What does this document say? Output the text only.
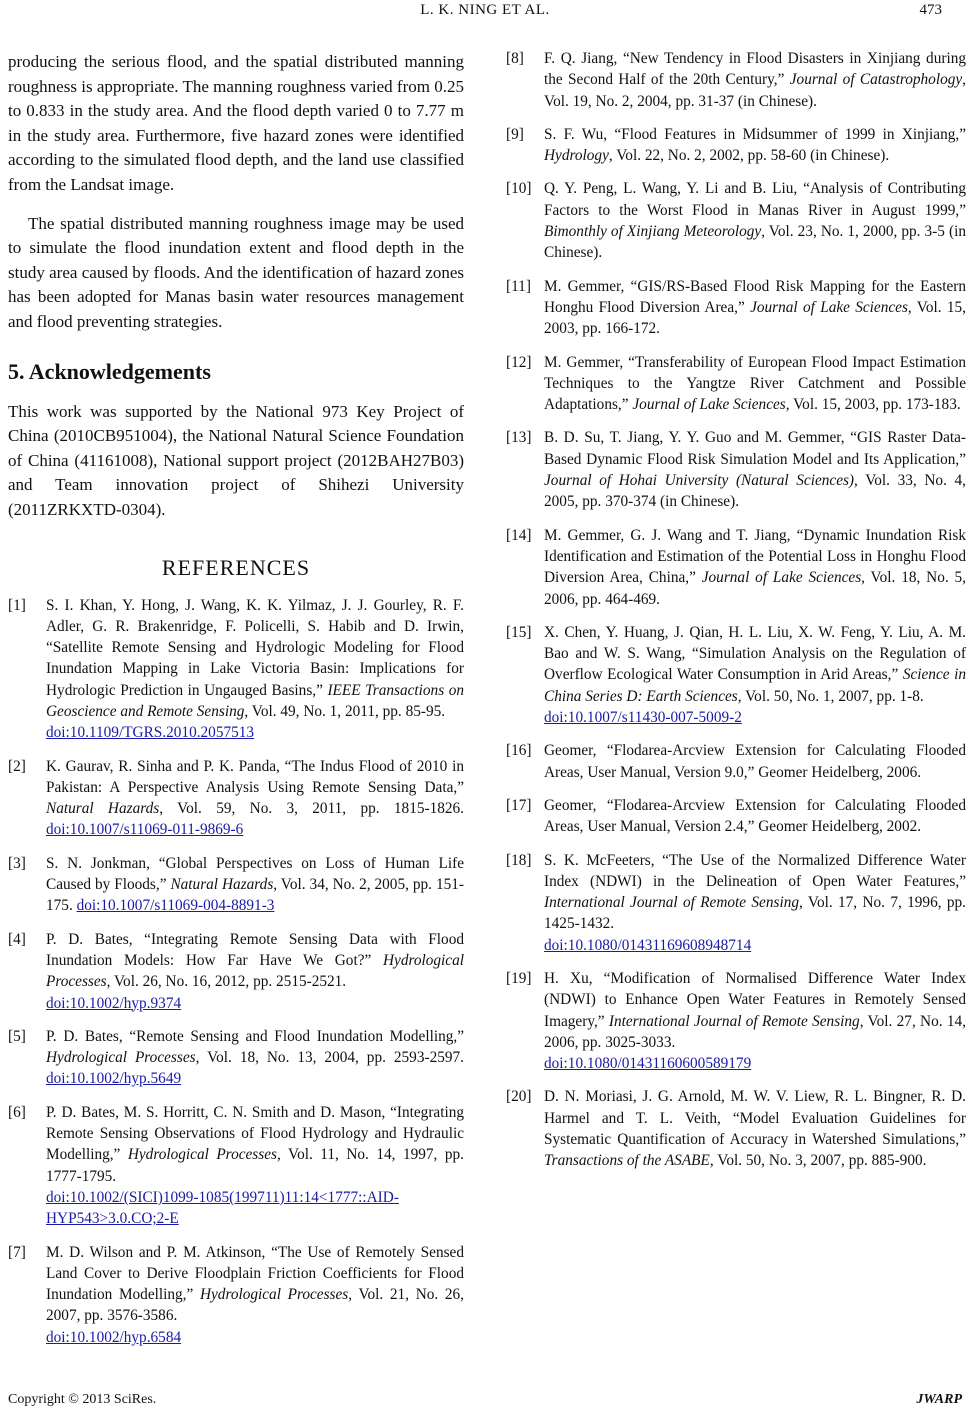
L. K. NING ET AL.	473

producing the serious flood, and the spatial distributed manning roughness is appropriate. The manning roughness varied from 0.25 to 0.833 in the study area. And the flood depth varied 0 to 7.77 m in the study area. Furthermore, five hazard zones were identified according to the simulated flood depth, and the land use classified from the Landsat image.

The spatial distributed manning roughness image may be used to simulate the flood inundation extent and flood depth in the study area caused by floods. And the identification of hazard zones has been adopted for Manas basin water resources management and flood preventing strategies.

5. Acknowledgements

This work was supported by the National 973 Key Project of China (2010CB951004), the National Natural Science Foundation of China (41161008), National support project (2012BAH27B03) and Team innovation project of Shihezi University (2011ZRKXTD-0304).

REFERENCES
[1]	S. I. Khan, Y. Hong, J. Wang, K. K. Yilmaz, J. J. Gourley, R. F. Adler, G. R. Brakenridge, F. Policelli, S. Habib and D. Irwin, “Satellite Remote Sensing and Hydrologic Modeling for Flood Inundation Mapping in Lake Victoria Basin: Implications for Hydrologic Prediction in Ungauged Basins,” IEEE Transactions on Geoscience and Remote Sensing, Vol. 49, No. 1, 2011, pp. 85-95.
doi:10.1109/TGRS.2010.2057513
[2]	K. Gaurav, R. Sinha and P. K. Panda, “The Indus Flood of 2010 in Pakistan: A Perspective Analysis Using Remote Sensing Data,” Natural Hazards, Vol. 59, No. 3, 2011, pp. 1815-1826. doi:10.1007/s11069-011-9869-6
[3]	S. N. Jonkman, “Global Perspectives on Loss of Human Life Caused by Floods,” Natural Hazards, Vol. 34, No. 2, 2005, pp. 151-175. doi:10.1007/s11069-004-8891-3
[4]	P. D. Bates, “Integrating Remote Sensing Data with Flood Inundation Models: How Far Have We Got?” Hydrological Processes, Vol. 26, No. 16, 2012, pp. 2515-2521.
doi:10.1002/hyp.9374
[5]	P. D. Bates, “Remote Sensing and Flood Inundation Modelling,” Hydrological Processes, Vol. 18, No. 13, 2004, pp. 2593-2597. doi:10.1002/hyp.5649
[6]	P. D. Bates, M. S. Horritt, C. N. Smith and D. Mason, “Integrating Remote Sensing Observations of Flood Hydrology and Hydraulic Modelling,” Hydrological Processes, Vol. 11, No. 14, 1997, pp. 1777-1795.
doi:10.1002/(SICI)1099-1085(199711)11:14<1777::AID-HYP543>3.0.CO;2-E
[7]	M. D. Wilson and P. M. Atkinson, “The Use of Remotely Sensed Land Cover to Derive Floodplain Friction Coefficients for Flood Inundation Modelling,” Hydrological Processes, Vol. 21, No. 26, 2007, pp. 3576-3586.
doi:10.1002/hyp.6584
[8]	F. Q. Jiang, “New Tendency in Flood Disasters in Xinjiang during the Second Half of the 20th Century,” Journal of Catastrophology, Vol. 19, No. 2, 2004, pp. 31-37 (in Chinese).
[9]	S. F. Wu, “Flood Features in Midsummer of 1999 in Xinjiang,” Hydrology, Vol. 22, No. 2, 2002, pp. 58-60 (in Chinese).
[10] Q. Y. Peng, L. Wang, Y. Li and B. Liu, “Analysis of Contributing Factors to the Worst Flood in Manas River in August 1999,” Bimonthly of Xinjiang Meteorology, Vol. 23, No. 1, 2000, pp. 3-5 (in Chinese).
[11] M. Gemmer, “GIS/RS-Based Flood Risk Mapping for the Eastern Honghu Flood Diversion Area,” Journal of Lake Sciences, Vol. 15, 2003, pp. 166-172.
[12] M. Gemmer, “Transferability of European Flood Impact Estimation Techniques to the Yangtze River Catchment and Possible Adaptations,” Journal of Lake Sciences, Vol. 15, 2003, pp. 173-183.
[13] B. D. Su, T. Jiang, Y. Y. Guo and M. Gemmer, “GIS Raster Data-Based Dynamic Flood Risk Simulation Model and Its Application,” Journal of Hohai University (Natural Sciences), Vol. 33, No. 4, 2005, pp. 370-374 (in Chinese).
[14] M. Gemmer, G. J. Wang and T. Jiang, “Dynamic Inundation Risk Identification and Estimation of the Potential Loss in Honghu Flood Diversion Area, China,” Journal of Lake Sciences, Vol. 18, No. 5, 2006, pp. 464-469.
[15] X. Chen, Y. Huang, J. Qian, H. L. Liu, X. W. Feng, Y. Liu, A. M. Bao and W. S. Wang, “Simulation Analysis on the Regulation of Overflow Ecological Water Consumption in Arid Areas,” Science in China Series D: Earth Sciences, Vol. 50, No. 1, 2007, pp. 1-8.
doi:10.1007/s11430-007-5009-2
[16] Geomer, “Flodarea-Arcview Extension for Calculating Flooded Areas, User Manual, Version 9.0,” Geomer Heidelberg, 2006.
[17] Geomer, “Flodarea-Arcview Extension for Calculating Flooded Areas, User Manual, Version 2.4,” Geomer Heidelberg, 2002.
[18] S. K. McFeeters, “The Use of the Normalized Difference Water Index (NDWI) in the Delineation of Open Water Features,” International Journal of Remote Sensing, Vol. 17, No. 7, 1996, pp. 1425-1432.
doi:10.1080/01431169608948714
[19] H. Xu, “Modification of Normalised Difference Water Index (NDWI) to Enhance Open Water Features in Remotely Sensed Imagery,” International Journal of Remote Sensing, Vol. 27, No. 14, 2006, pp. 3025-3033.
doi:10.1080/01431160600589179
[20] D. N. Moriasi, J. G. Arnold, M. W. V. Liew, R. L. Bingner, R. D. Harmel and T. L. Veith, “Model Evaluation Guidelines for Systematic Quantification of Accuracy in Watershed Simulations,” Transactions of the ASABE, Vol. 50, No. 3, 2007, pp. 885-900.
Copyright © 2013 SciRes.	JWARP
